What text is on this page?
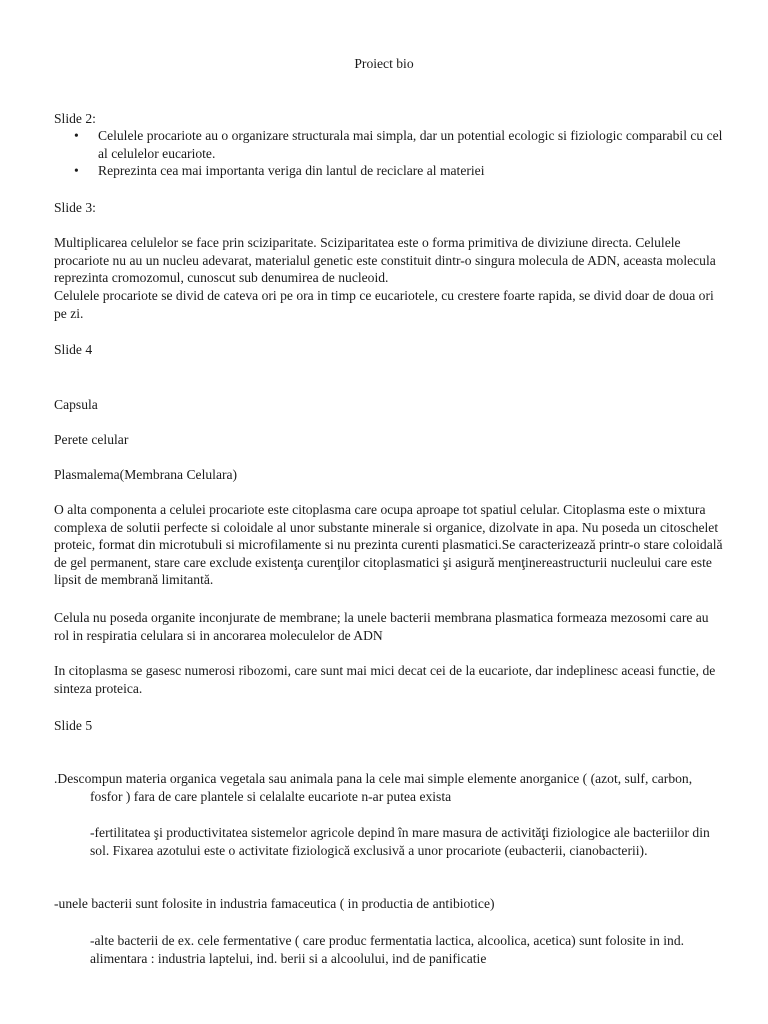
Proiect bio

Slide 2:

• Celulele procariote au o organizare structurala mai simpla, dar un potential ecologic si fiziologic comparabil cu cel al celulelor eucariote.
• Reprezinta cea mai importanta veriga din lantul de reciclare al materiei

Slide 3:

Multiplicarea celulelor se face prin sciziparitate. Sciziparitatea este o forma primitiva de diviziune directa. Celulele procariote nu au un nucleu adevarat, materialul genetic este constituit dintr-o singura molecula de ADN, aceasta molecula reprezinta cromozomul, cunoscut sub denumirea de nucleoid.

Celulele procariote se divid de cateva ori pe ora in timp ce eucariotele, cu crestere foarte rapida, se divid doar de doua ori pe zi.

Slide 4

Capsula

Perete celular

Plasmalema(Membrana Celulara)

O alta componenta a celulei procariote este citoplasma care ocupa aproape tot spatiul celular. Citoplasma este o mixtura complexa de solutii perfecte si coloidale al unor substante minerale si organice, dizolvate in apa. Nu poseda un citoschelet proteic, format din microtubuli si microfilamente si nu prezinta curenti plasmatici.Se caracterizează printr-o stare coloidală de gel permanent, stare care exclude existenţa curenţilor citoplasmatici şi asigură menţinereastructurii nucleului care este lipsit de membrană limitantă.

Celula nu poseda organite inconjurate de membrane; la unele bacterii membrana plasmatica formeaza mezosomi care au rol in respiratia celulara si in ancorarea moleculelor de ADN

In citoplasma se gasesc numerosi ribozomi, care sunt mai mici decat cei de la eucariote, dar indeplinesc aceasi functie, de sinteza proteica.

Slide 5

.Descompun materia organica vegetala sau animala pana la cele mai simple elemente anorganice ( (azot, sulf, carbon, fosfor ) fara de care plantele si celalalte eucariote n-ar putea exista

-fertilitatea şi productivitatea sistemelor agricole depind în mare masura de activităţi fiziologice ale bacteriilor din sol. Fixarea azotului este o activitate fiziologică exclusivă a unor procariote (eubacterii, cianobacterii).

-unele bacterii sunt folosite in industria famaceutica ( in productia de antibiotice)

-alte bacterii de ex. cele fermentative ( care produc fermentatia lactica, alcoolica, acetica) sunt folosite in ind. alimentara : industria laptelui, ind. berii si a alcoolului, ind de panificatie
